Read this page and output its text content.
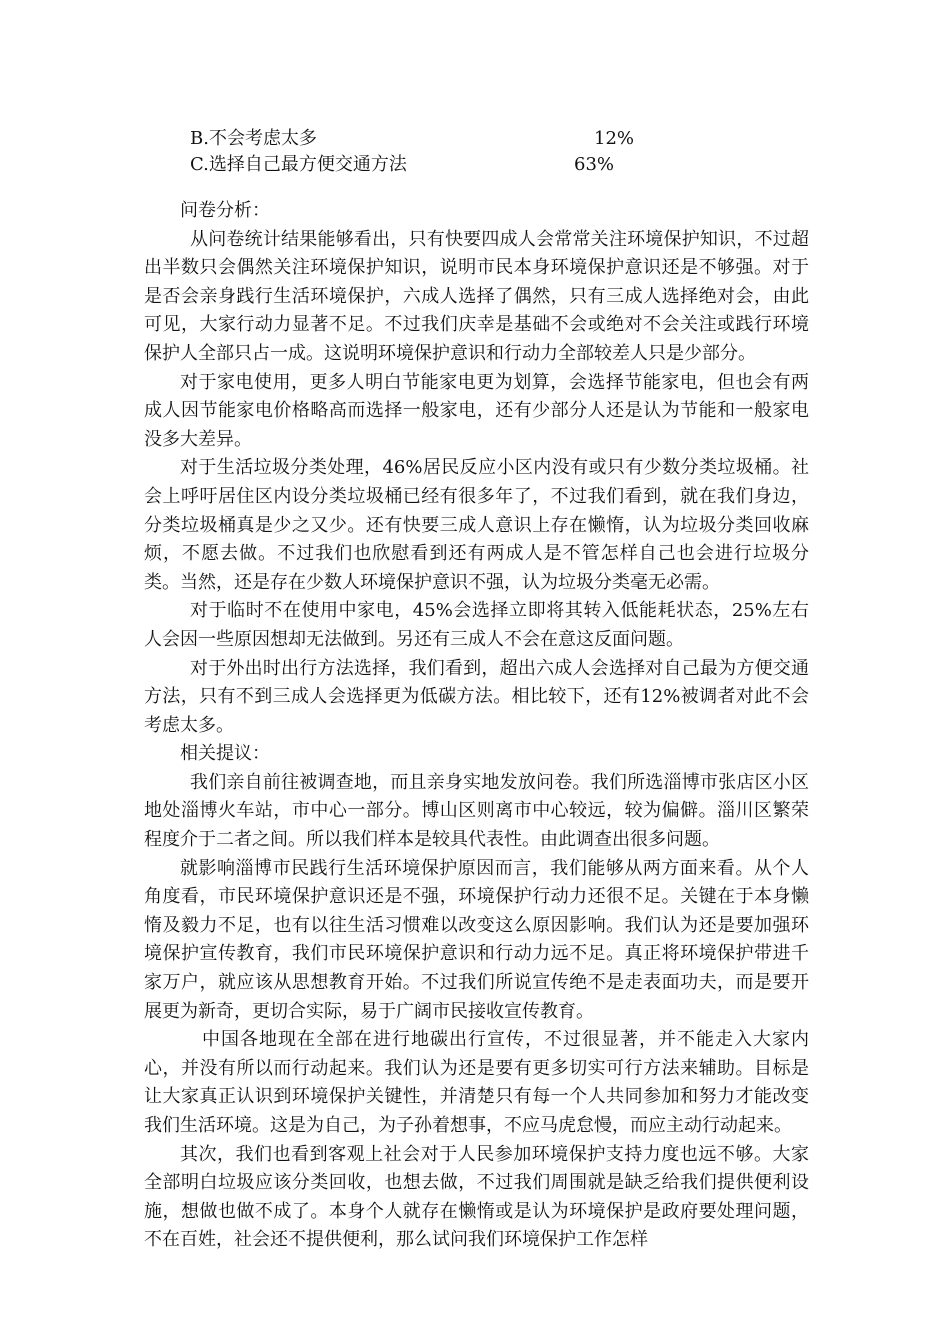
B.不会考虑太多	12%
C.选择自己最方便交通方法	63%

问卷分析：

从问卷统计结果能够看出，只有快要四成人会常常关注环境保护知识，不过超出半数只会偶然关注环境保护知识，说明市民本身环境保护意识还是不够强。对于是否会亲身践行生活环境保护，六成人选择了偶然，只有三成人选择绝对会，由此可见，大家行动力显著不足。不过我们庆幸是基础不会或绝对不会关注或践行环境保护人全部只占一成。这说明环境保护意识和行动力全部较差人只是少部分。

对于家电使用，更多人明白节能家电更为划算，会选择节能家电，但也会有两成人因节能家电价格略高而选择一般家电，还有少部分人还是认为节能和一般家电没多大差异。

对于生活垃圾分类处理，46%居民反应小区内没有或只有少数分类垃圾桶。社会上呼吁居住区内设分类垃圾桶已经有很多年了，不过我们看到，就在我们身边，分类垃圾桶真是少之又少。还有快要三成人意识上存在懒惰，认为垃圾分类回收麻烦，不愿去做。不过我们也欣慰看到还有两成人是不管怎样自己也会进行垃圾分类。当然，还是存在少数人环境保护意识不强，认为垃圾分类毫无必需。

对于临时不在使用中家电，45%会选择立即将其转入低能耗状态，25%左右人会因一些原因想却无法做到。另还有三成人不会在意这反面问题。

对于外出时出行方法选择，我们看到，超出六成人会选择对自己最为方便交通方法，只有不到三成人会选择更为低碳方法。相比较下，还有12%被调者对此不会考虑太多。

相关提议：

我们亲自前往被调查地，而且亲身实地发放问卷。我们所选淄博市张店区小区地处淄博火车站，市中心一部分。博山区则离市中心较远，较为偏僻。淄川区繁荣程度介于二者之间。所以我们样本是较具代表性。由此调查出很多问题。

就影响淄博市民践行生活环境保护原因而言，我们能够从两方面来看。从个人角度看，市民环境保护意识还是不强，环境保护行动力还很不足。关键在于本身懒惰及毅力不足，也有以往生活习惯难以改变这么原因影响。我们认为还是要加强环境保护宣传教育，我们市民环境保护意识和行动力远不足。真正将环境保护带进千家万户，就应该从思想教育开始。不过我们所说宣传绝不是走表面功夫，而是要开展更为新奇，更切合实际，易于广阔市民接收宣传教育。

中国各地现在全部在进行地碳出行宣传，不过很显著，并不能走入大家内心，并没有所以而行动起来。我们认为还是要有更多切实可行方法来辅助。目标是让大家真正认识到环境保护关键性，并清楚只有每一个人共同参加和努力才能改变我们生活环境。这是为自己，为子孙着想事，不应马虎怠慢，而应主动行动起来。

其次，我们也看到客观上社会对于人民参加环境保护支持力度也远不够。大家全部明白垃圾应该分类回收，也想去做，不过我们周围就是缺乏给我们提供便利设施，想做也做不成了。本身个人就存在懒惰或是认为环境保护是政府要处理问题，不在百姓，社会还不提供便利，那么试问我们环境保护工作怎样
